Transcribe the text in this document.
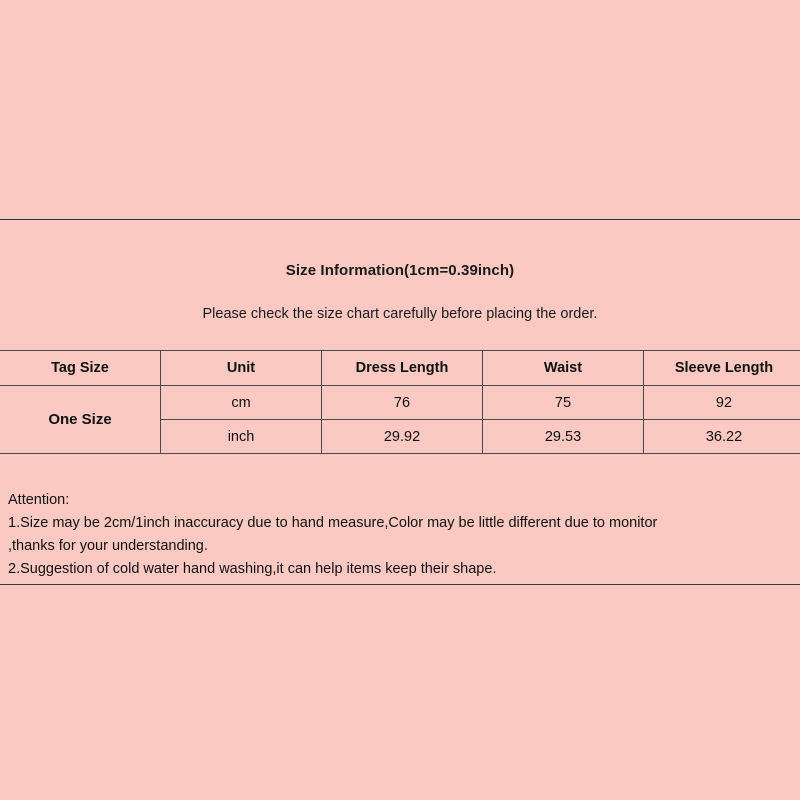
Size Information(1cm=0.39inch)
Please check the size chart carefully before placing the order.
Tag Size	Unit	Dress Length	Waist	Sleeve Length
One Size	cm	76	75	92
	inch	29.92	29.53	36.22
Attention:
1.Size may be 2cm/1inch inaccuracy due to hand measure,Color may be little different due to monitor
,thanks for your understanding.
2.Suggestion of cold water hand washing,it can help items keep their shape.
